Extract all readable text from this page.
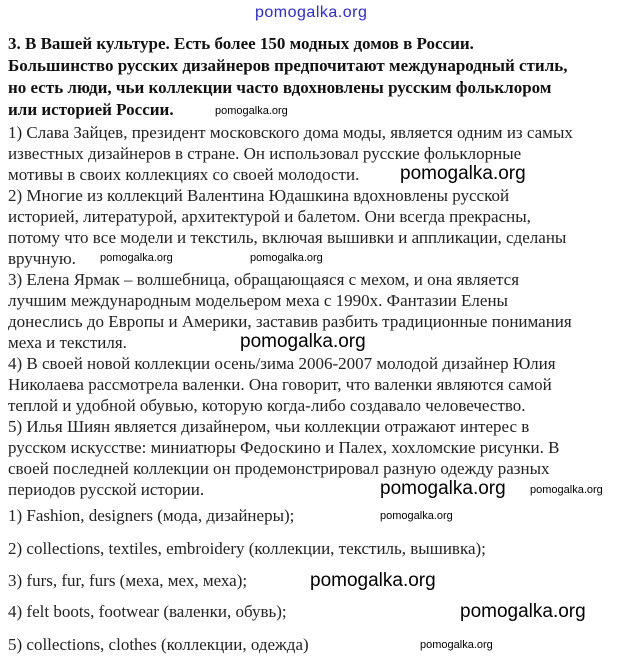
3. В Вашей культуре. Есть более 150 модных домов в России.
Большинство русских дизайнеров предпочитают международный стиль,
но есть люди, чьи коллекции часто вдохновлены русским фольклором
или историей России.
1) Слава Зайцев, президент московского дома моды, является одним из самых
известных дизайнеров в стране. Он использовал русские фольклорные
мотивы в своих коллекциях со своей молодости.
2) Многие из коллекций Валентина Юдашкина вдохновлены русской
историей, литературой, архитектурой и балетом. Они всегда прекрасны,
потому что все модели и текстиль, включая вышивки и аппликации, сделаны
вручную.
3) Елена Ярмак – волшебница, обращающаяся с мехом, и она является
лучшим международным модельером меха с 1990х. Фантазии Елены
донеслись до Европы и Америки, заставив разбить традиционные понимания
меха и текстиля.
4) В своей новой коллекции осень/зима 2006-2007 молодой дизайнер Юлия
Николаева рассмотрела валенки. Она говорит, что валенки являются самой
теплой и удобной обувью, которую когда-либо создавало человечество.
5) Илья Шиян является дизайнером, чьи коллекции отражают интерес в
русском искусстве: миниатюры Федоскино и Палех, хохломские рисунки. В
своей последней коллекции он продемонстрировал разную одежду разных
периодов русской истории.
1) Fashion, designers (мода, дизайнеры);
2) collections, textiles, embroidery (коллекции, текстиль, вышивка);
3) furs, fur, furs (меха, мех, меха);
4) felt boots, footwear (валенки, обувь);
5) collections, clothes (коллекции, одежда)
pomogalka.org
pomogalka.org
pomogalka.org	pomogalka.org
pomogalka.org
pomogalka.org
pomogalka.org
pomogalka.org
pomogalka.org
pomogalka.org
pomogalka.org
pomogalka.org
